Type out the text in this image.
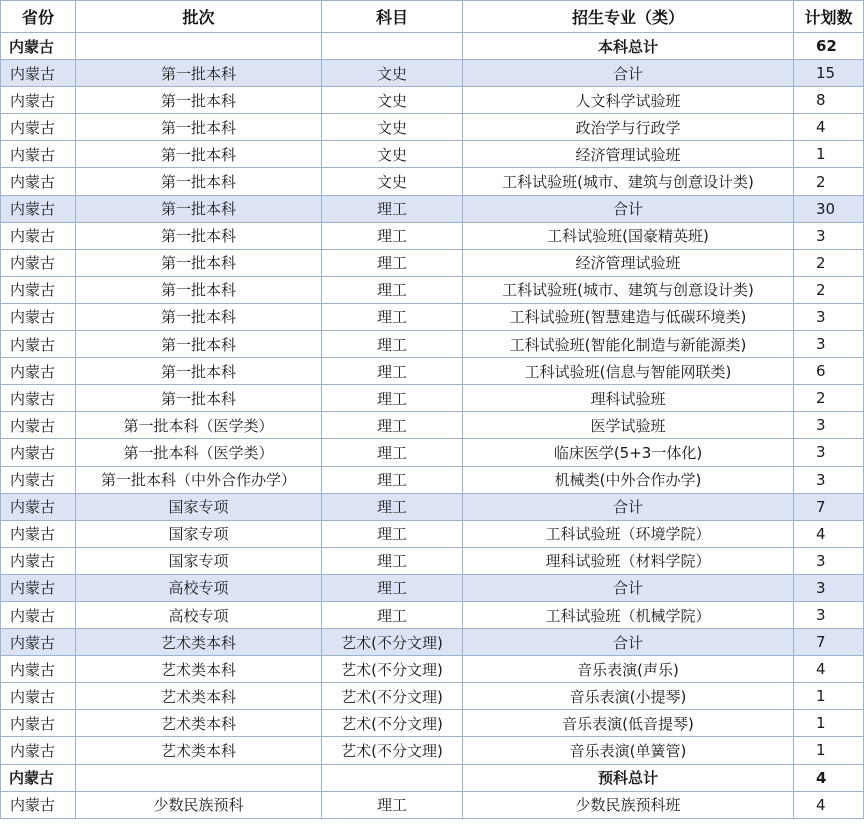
省份	批次	科目	招生专业（类）	计划数
内蒙古			本科总计	62
内蒙古	第一批本科	文史	合计	15
内蒙古	第一批本科	文史	人文科学试验班	8
内蒙古	第一批本科	文史	政治学与行政学	4
内蒙古	第一批本科	文史	经济管理试验班	1
内蒙古	第一批本科	文史	工科试验班(城市、建筑与创意设计类)	2
内蒙古	第一批本科	理工	合计	30
内蒙古	第一批本科	理工	工科试验班(国豪精英班)	3
内蒙古	第一批本科	理工	经济管理试验班	2
内蒙古	第一批本科	理工	工科试验班(城市、建筑与创意设计类)	2
内蒙古	第一批本科	理工	工科试验班(智慧建造与低碳环境类)	3
内蒙古	第一批本科	理工	工科试验班(智能化制造与新能源类)	3
内蒙古	第一批本科	理工	工科试验班(信息与智能网联类)	6
内蒙古	第一批本科	理工	理科试验班	2
内蒙古	第一批本科（医学类）	理工	医学试验班	3
内蒙古	第一批本科（医学类）	理工	临床医学(5+3一体化)	3
内蒙古	第一批本科（中外合作办学）	理工	机械类(中外合作办学)	3
内蒙古	国家专项	理工	合计	7
内蒙古	国家专项	理工	工科试验班（环境学院）	4
内蒙古	国家专项	理工	理科试验班（材料学院）	3
内蒙古	高校专项	理工	合计	3
内蒙古	高校专项	理工	工科试验班（机械学院）	3
内蒙古	艺术类本科	艺术(不分文理)	合计	7
内蒙古	艺术类本科	艺术(不分文理)	音乐表演(声乐)	4
内蒙古	艺术类本科	艺术(不分文理)	音乐表演(小提琴)	1
内蒙古	艺术类本科	艺术(不分文理)	音乐表演(低音提琴)	1
内蒙古	艺术类本科	艺术(不分文理)	音乐表演(单簧管)	1
内蒙古			预科总计	4
内蒙古	少数民族预科	理工	少数民族预科班	4
